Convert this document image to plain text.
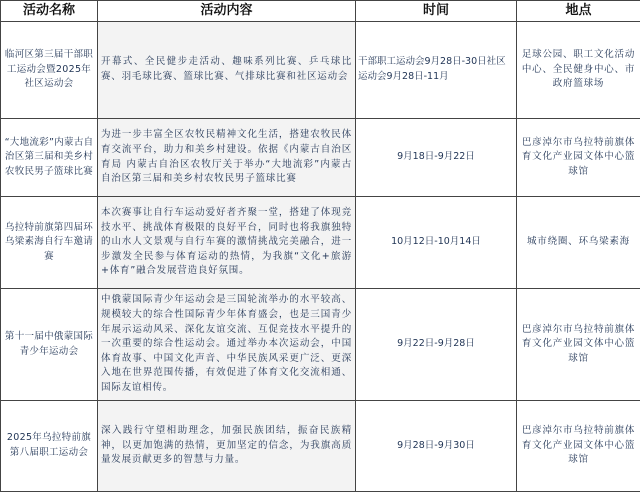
活动名称	活动内容	时间	地点
临河区第三届干部职工运动会暨2025年社区运动会	开幕式、全民健步走活动、趣味系列比赛、乒乓球比赛、羽毛球比赛、篮球比赛、气排球比赛和社区运动会	干部职工运动会9月28日-30日社区运动会9月28日-11月	足球公园、职工文化活动中心、全民健身中心、市政府篮球场
“大地流彩”内蒙古自治区第三届和美乡村农牧民男子篮球比赛	为进一步丰富全区农牧民精神文化生活，搭建农牧民体育交流平台，助力和美乡村建设。依据《内蒙古自治区育局 内蒙古自治区农牧厅关于举办“大地流彩”内蒙古自治区第三届和美乡村农牧民男子篮球比赛	9月18日-9月22日	巴彦淖尔市乌拉特前旗体育文化产业园文体中心篮球馆
乌拉特前旗第四届环乌梁素海自行车邀请赛	本次赛事让自行车运动爱好者齐聚一堂，搭建了体现竞技水平、挑战体育极限的良好平台，同时也将我旗独特的山水人文景观与自行车赛的激情挑战完美融合，进一步激发全民参与体育运动的热情，为我旗“文化+旅游+体育”融合发展营造良好氛围。	10月12日-10月14日	城市绕圈、环乌梁素海
第十一届中俄蒙国际青少年运动会	中俄蒙国际青少年运动会是三国轮流举办的水平较高、规模较大的综合性国际青少年体育盛会，也是三国青少年展示运动风采、深化友谊交流、互促竞技水平提升的一次重要的综合性运动会。通过举办本次运动会，中国体育故事、中国文化声音、中华民族风采更广泛、更深入地在世界范围传播，有效促进了体育文化交流相通、国际友谊相传。	9月22日-9月28日	巴彦淖尔市乌拉特前旗体育文化产业园文体中心篮球馆
2025年乌拉特前旗第八届职工运动会	深入践行守望相助理念，加强民族团结，振奋民族精神，以更加饱满的热情，更加坚定的信念，为我旗高质量发展贡献更多的智慧与力量。	9月28日-9月30日	巴彦淖尔市乌拉特前旗体育文化产业园文体中心篮球馆
